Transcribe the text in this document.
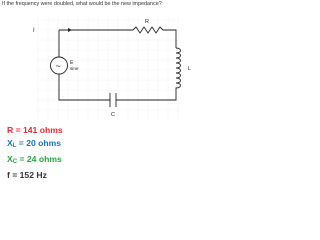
If the frequency were doubled, what would be the new impedance?
I
R
~ E
sine	L
C
R = 141 ohms
$X_L = 20$ ohms
$X_C = 24$ ohms
f = 152 Hz
